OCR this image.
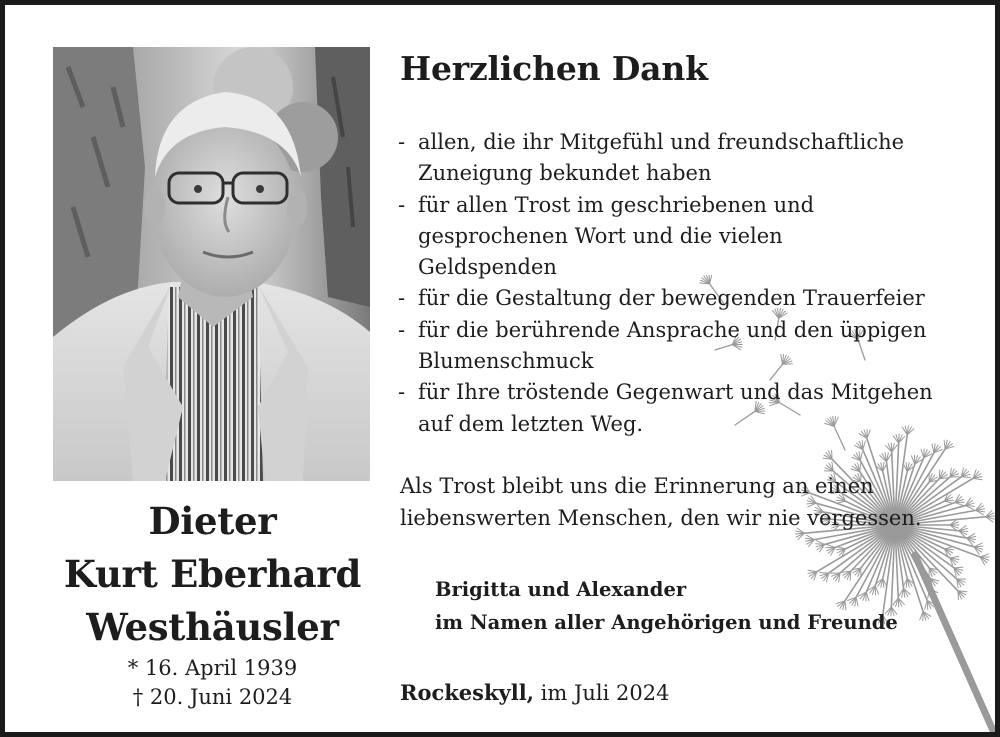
Dieter
Kurt Eberhard
Westhäusler
* 16. April 1939
† 20. Juni 2024
Herzlichen Dank
- allen, die ihr Mitgefühl und freundschaftliche
Zuneigung bekundet haben
- für allen Trost im geschriebenen und
gesprochenen Wort und die vielen
Geldspenden
- für die Gestaltung der bewegenden Trauerfeier
- für die berührende Ansprache und den üppigen
Blumenschmuck
- für Ihre tröstende Gegenwart und das Mitgehen
auf dem letzten Weg.
Als Trost bleibt uns die Erinnerung an einen
liebenswerten Menschen, den wir nie vergessen.
Brigitta und Alexander
im Namen aller Angehörigen und Freunde
Rockeskyll, im Juli 2024
